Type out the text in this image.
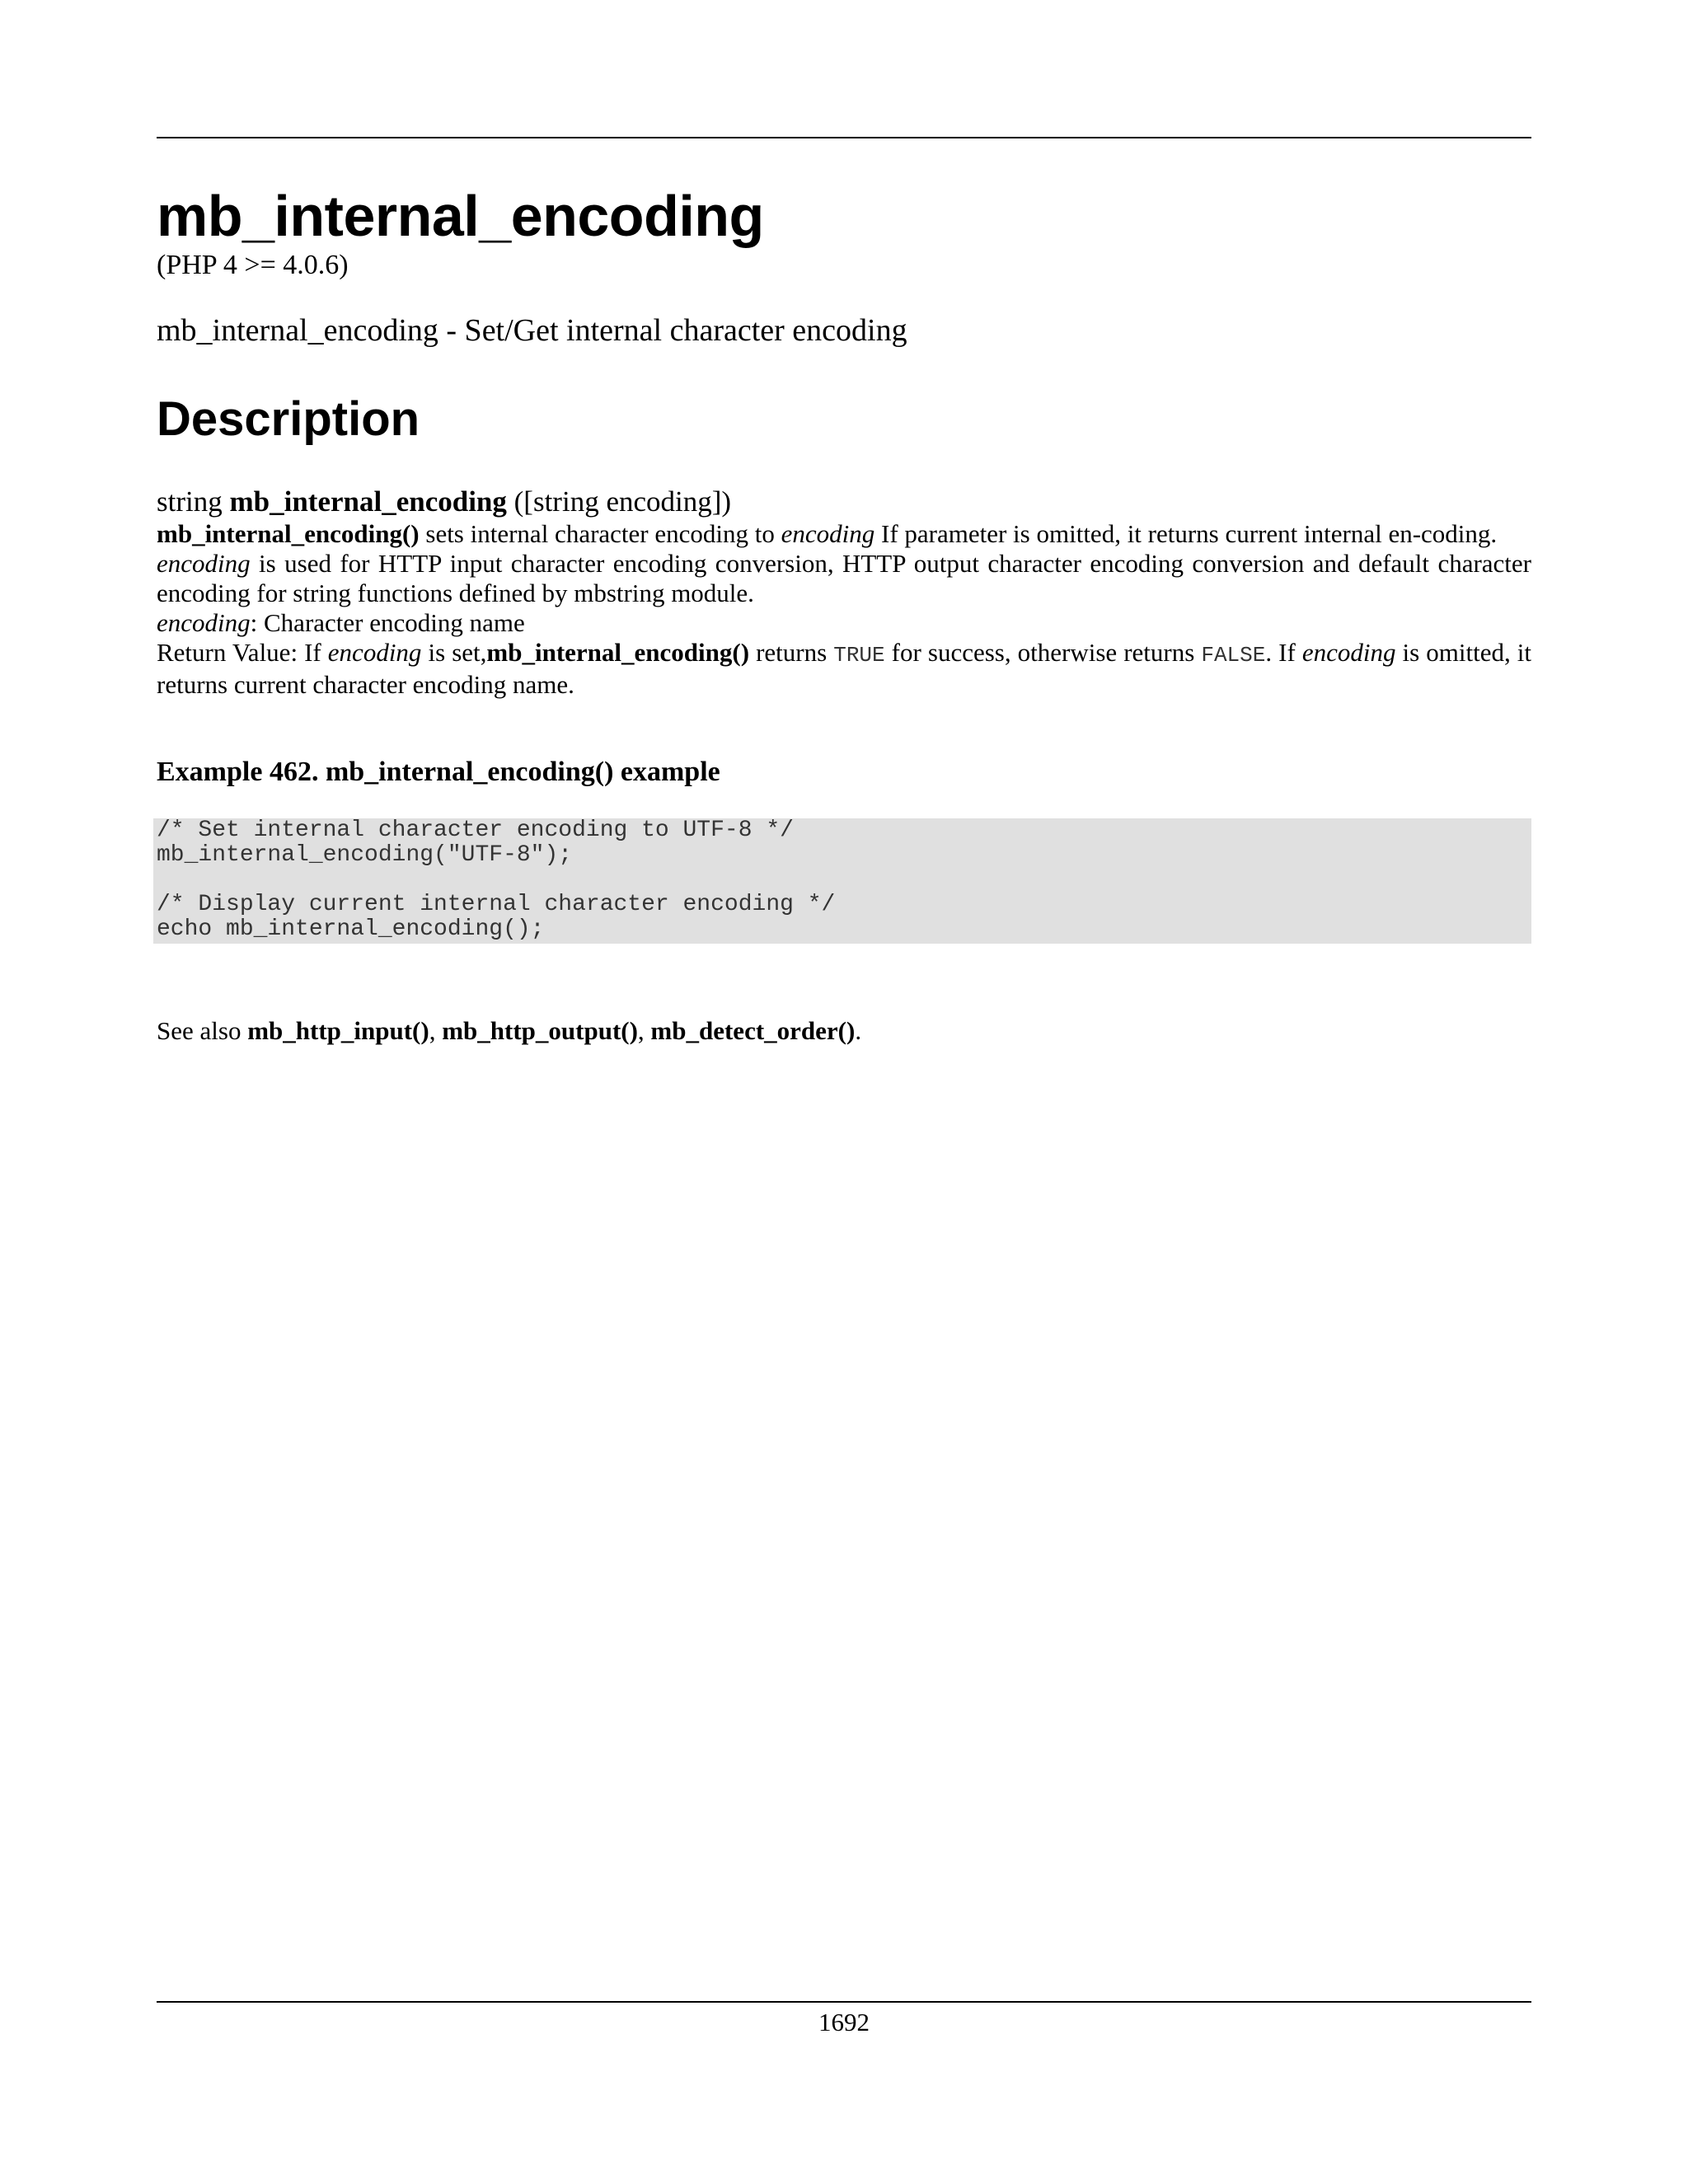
mb_internal_encoding
(PHP 4 >= 4.0.6)
mb_internal_encoding - Set/Get internal character encoding
Description
string mb_internal_encoding ([string encoding])

mb_internal_encoding() sets internal character encoding to encoding If parameter is omitted, it returns current internal en-coding.

encoding is used for HTTP input character encoding conversion, HTTP output character encoding conversion and default character encoding for string functions defined by mbstring module.

encoding: Character encoding name

Return Value: If encoding is set,mb_internal_encoding() returns TRUE for success, otherwise returns FALSE. If encoding is omitted, it returns current character encoding name.

Example 462. mb_internal_encoding() example
/* Set internal character encoding to UTF-8 */
mb_internal_encoding("UTF-8");
/* Display current internal character encoding */
echo mb_internal_encoding();

See also mb_http_input(), mb_http_output(), mb_detect_order().

1692
